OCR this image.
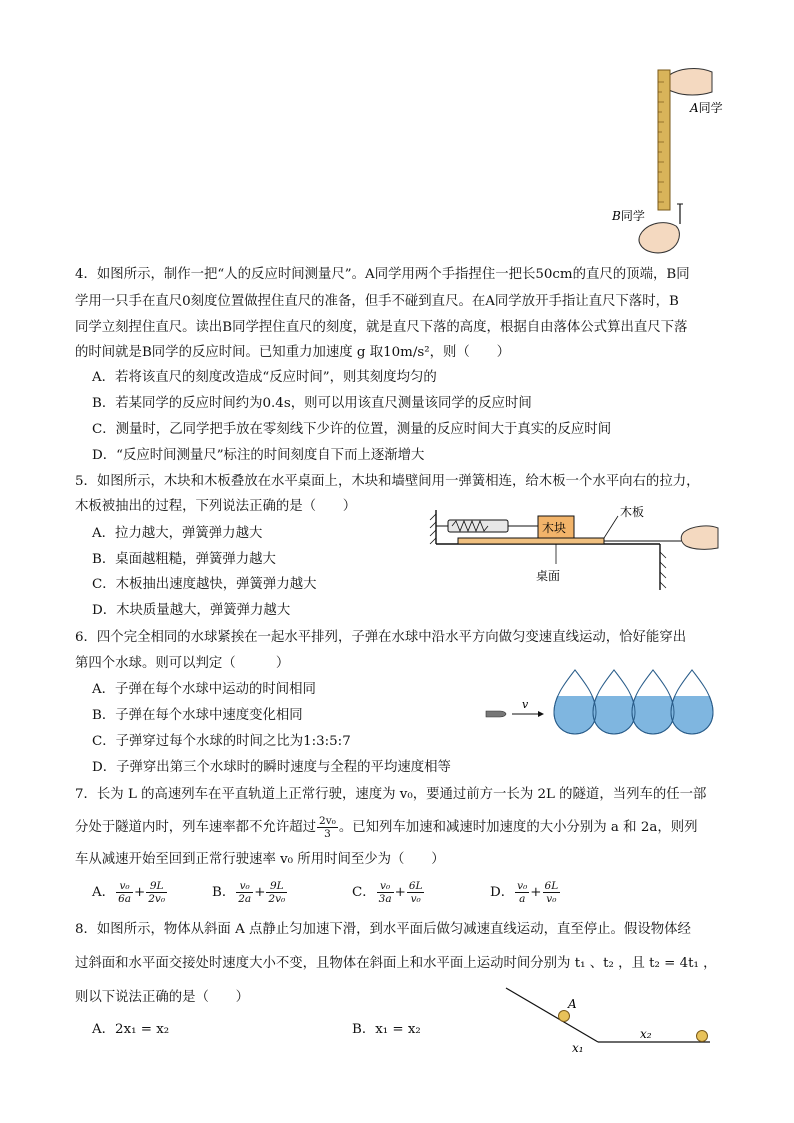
A同学
B同学
4．如图所示，制作一把“人的反应时间测量尺”。A同学用两个手指捏住一把长50cm的直尺的顶端，B同
学用一只手在直尺0刻度位置做捏住直尺的准备，但手不碰到直尺。在A同学放开手指让直尺下落时，B
同学立刻捏住直尺。读出B同学捏住直尺的刻度，就是直尺下落的高度，根据自由落体公式算出直尺下落
的时间就是B同学的反应时间。已知重力加速度 g 取10m/s²，则（　　）
A．若将该直尺的刻度改造成“反应时间”，则其刻度均匀的
B．若某同学的反应时间约为0.4s，则可以用该直尺测量该同学的反应时间
C．测量时，乙同学把手放在零刻线下少许的位置，测量的反应时间大于真实的反应时间
D．“反应时间测量尺”标注的时间刻度自下而上逐渐增大
5．如图所示，木块和木板叠放在水平桌面上，木块和墙壁间用一弹簧相连，给木板一个水平向右的拉力，
木板被抽出的过程，下列说法正确的是（　　）
A．拉力越大，弹簧弹力越大
B．桌面越粗糙，弹簧弹力越大
C．木板抽出速度越快，弹簧弹力越大
D．木块质量越大，弹簧弹力越大
木块
木板
桌面
6．四个完全相同的水球紧挨在一起水平排列，子弹在水球中沿水平方向做匀变速直线运动，恰好能穿出
第四个水球。则可以判定（　　　）
A．子弹在每个水球中运动的时间相同
B．子弹在每个水球中速度变化相同
C．子弹穿过每个水球的时间之比为1:3:5:7
D．子弹穿出第三个水球时的瞬时速度与全程的平均速度相等
v
7．长为 L 的高速列车在平直轨道上正常行驶，速度为 v₀，要通过前方一长为 2L 的隧道，当列车的任一部
分处于隧道内时，列车速率都不允许超过 $\frac{\text{2v₀}}{3}$ 。已知列车加速和减速时加速度的大小分别为 a 和 2a，则列
车从减速开始至回到正常行驶速率 v₀ 所用时间至少为（　　）
A． $\frac{\text{v₀}}{6a} + \frac{9L}{\text{2v₀}}$	B． $\frac{\text{v₀}}{2a} + \frac{9L}{\text{2v₀}}$	C． $\frac{\text{v₀}}{3a} + \frac{6L}{\text{v₀}}$	D． $\frac{\text{v₀}}{a} + \frac{6L}{\text{v₀}}$
8．如图所示，物体从斜面 A 点静止匀加速下滑，到水平面后做匀减速直线运动，直至停止。假设物体经
过斜面和水平面交接处时速度大小不变，且物体在斜面上和水平面上运动时间分别为 t₁ 、t₂ ，且 t₂ = 4t₁ ，
则以下说法正确的是（　　）
A．2x₁ = x₂	B．x₁ = x₂
A
x₁
x₂
